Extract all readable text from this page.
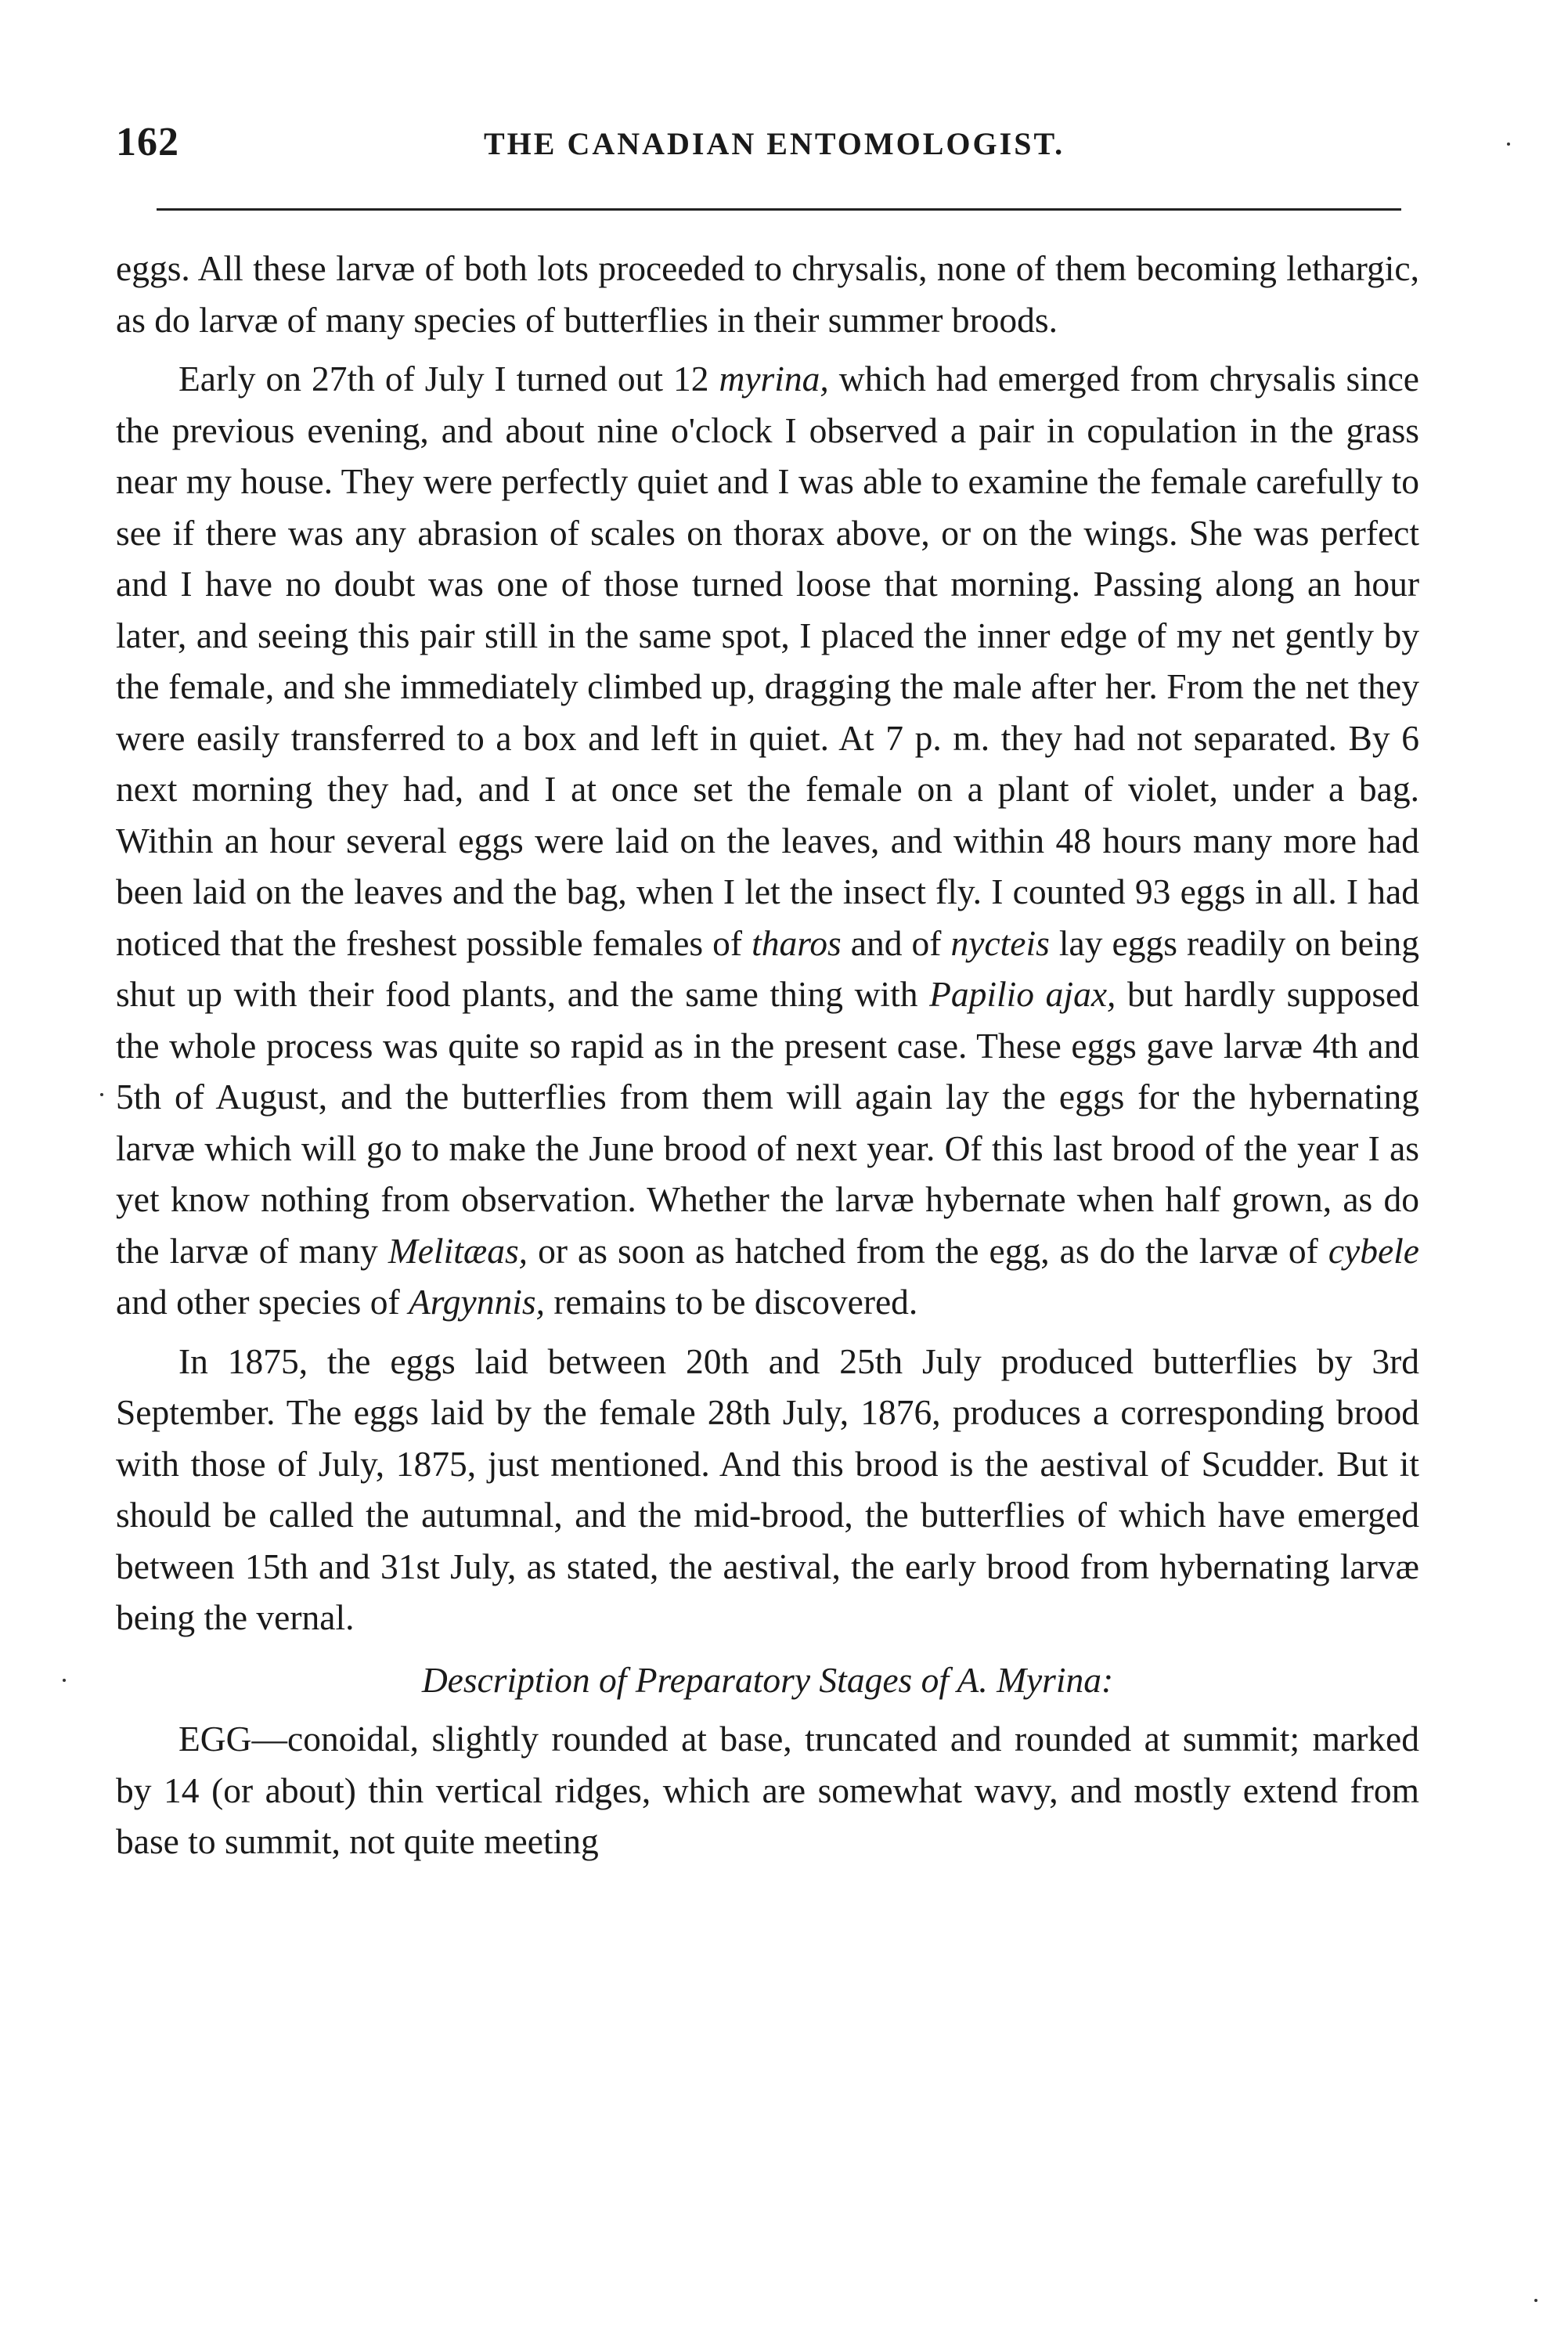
162	THE CANADIAN ENTOMOLOGIST.

eggs. All these larvæ of both lots proceeded to chrysalis, none of them becoming lethargic, as do larvæ of many species of butterflies in their summer broods.

Early on 27th of July I turned out 12 myrina, which had emerged from chrysalis since the previous evening, and about nine o'clock I observed a pair in copulation in the grass near my house. They were perfectly quiet and I was able to examine the female carefully to see if there was any abrasion of scales on thorax above, or on the wings. She was perfect and I have no doubt was one of those turned loose that morning. Passing along an hour later, and seeing this pair still in the same spot, I placed the inner edge of my net gently by the female, and she immediately climbed up, dragging the male after her. From the net they were easily transferred to a box and left in quiet. At 7 p. m. they had not separated. By 6 next morning they had, and I at once set the female on a plant of violet, under a bag. Within an hour several eggs were laid on the leaves, and within 48 hours many more had been laid on the leaves and the bag, when I let the insect fly. I counted 93 eggs in all. I had noticed that the freshest possible females of tharos and of nycteis lay eggs readily on being shut up with their food plants, and the same thing with Papilio ajax, but hardly supposed the whole process was quite so rapid as in the present case. These eggs gave larvæ 4th and 5th of August, and the butterflies from them will again lay the eggs for the hybernating larvæ which will go to make the June brood of next year. Of this last brood of the year I as yet know nothing from observation. Whether the larvæ hybernate when half grown, as do the larvæ of many Melitæas, or as soon as hatched from the egg, as do the larvæ of cybele and other species of Argynnis, remains to be discovered.

In 1875, the eggs laid between 20th and 25th July produced butterflies by 3rd September. The eggs laid by the female 28th July, 1876, produces a corresponding brood with those of July, 1875, just mentioned. And this brood is the aestival of Scudder. But it should be called the autumnal, and the mid-brood, the butterflies of which have emerged between 15th and 31st July, as stated, the aestival, the early brood from hybernating larvæ being the vernal.

Description of Preparatory Stages of A. Myrina:

EGG—conoidal, slightly rounded at base, truncated and rounded at summit; marked by 14 (or about) thin vertical ridges, which are somewhat wavy, and mostly extend from base to summit, not quite meeting
